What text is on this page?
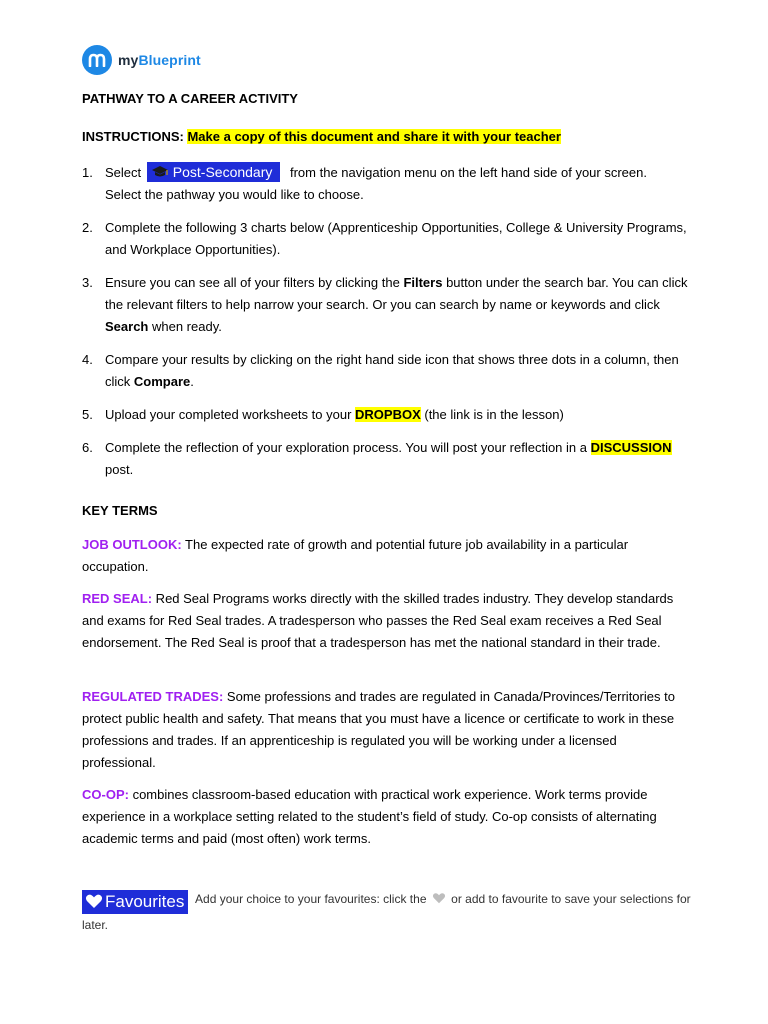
myBlueprint
PATHWAY TO A CAREER ACTIVITY
INSTRUCTIONS: Make a copy of this document and share it with your teacher
1. Select Post-Secondary from the navigation menu on the left hand side of your screen.
Select the pathway you would like to choose.
2. Complete the following 3 charts below (Apprenticeship Opportunities, College & University Programs, and Workplace Opportunities).
3. Ensure you can see all of your filters by clicking the Filters button under the search bar. You can click the relevant filters to help narrow your search. Or you can search by name or keywords and click Search when ready.
4. Compare your results by clicking on the right hand side icon that shows three dots in a column, then click Compare.
5. Upload your completed worksheets to your DROPBOX (the link is in the lesson)
6. Complete the reflection of your exploration process. You will post your reflection in a DISCUSSION post.
KEY TERMS
JOB OUTLOOK: The expected rate of growth and potential future job availability in a particular occupation.
RED SEAL: Red Seal Programs works directly with the skilled trades industry. They develop standards and exams for Red Seal trades. A tradesperson who passes the Red Seal exam receives a Red Seal endorsement. The Red Seal is proof that a tradesperson has met the national standard in their trade.
REGULATED TRADES: Some professions and trades are regulated in Canada/Provinces/Territories to protect public health and safety. That means that you must have a licence or certificate to work in these professions and trades. If an apprenticeship is regulated you will be working under a licensed professional.
CO-OP: combines classroom-based education with practical work experience. Work terms provide experience in a workplace setting related to the student’s field of study. Co-op consists of alternating academic terms and paid (most often) work terms.
Favourites Add your choice to your favourites: click the  or add to favourite to save your selections for later.
